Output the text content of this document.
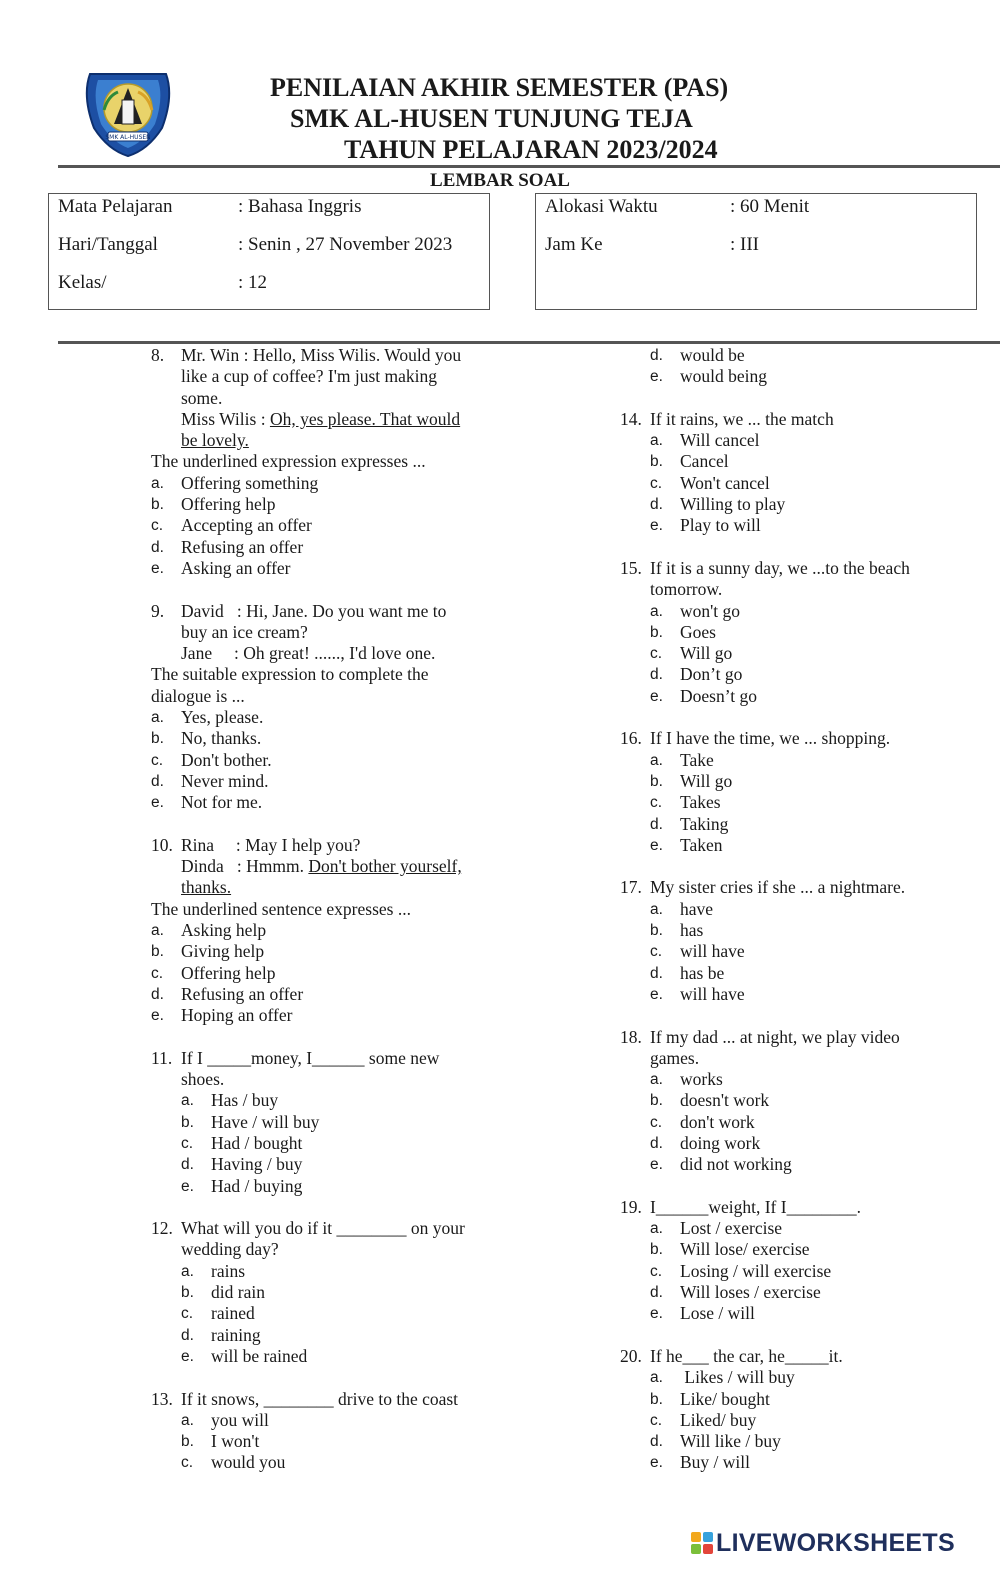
SMK AL-HUSEN
PENILAIAN AKHIR SEMESTER (PAS)
SMK AL-HUSEN TUNJUNG TEJA
TAHUN PELAJARAN 2023/2024
LEMBAR SOAL
Mata Pelajaran	: Bahasa Inggris
Hari/Tanggal	: Senin , 27 November 2023
Kelas/	: 12
Alokasi Waktu	: 60 Menit
Jam Ke	: III
8. Mr. Win : Hello, Miss Wilis. Would you like a cup of coffee? I'm just making some.

Miss Wilis : Oh, yes please. That would be lovely.

The underlined expression expresses ...
a. Offering something
b. Offering help
c.	Accepting an offer
d. Refusing an offer
e. Asking an offer
9. David   : Hi, Jane. Do you want me to buy an ice cream?

Jane     : Oh great! ......, I'd love one.

The suitable expression to complete the dialogue is ...
a. Yes, please.
b. No, thanks.
c.	Don't bother.
d. Never mind.
e. Not for me.
10. Rina     : May I help you?

Dinda   : Hmmm. Don't bother yourself, thanks.

The underlined sentence expresses ...
a. Asking help
b. Giving help
c.	Offering help
d. Refusing an offer
e. Hoping an offer
11. If I _____money, I______ some new shoes.
a. Has / buy
b. Have / will buy
c.	Had / bought
d. Having / buy
e. Had / buying
12. What will you do if it ________ on your wedding day?
a. rains
b. did rain
c.	rained
d. raining
e. will be rained
13. If it snows, ________ drive to the coast
a. you will
b. I won't
c.	would you
d. would be
e. would being
14. If it rains, we ... the match
a. Will cancel
b. Cancel
c.	Won't cancel
d. Willing to play
e. Play to will
15. If it is a sunny day, we ...to the beach tomorrow.
a. won't go
b. Goes
c.	Will go
d. Don’t go
e. Doesn’t go
16. If I have the time, we ... shopping.
a. Take
b. Will go
c.	Takes
d. Taking
e. Taken
17. My sister cries if she ... a nightmare.
a. have
b. has
c.	will have
d. has be
e. will have
18. If my dad ... at night, we play video games.
a. works
b. doesn't work
c.	don't work
d. doing work
e. did not working
19. I______weight, If I________.
a. Lost / exercise
b. Will lose/ exercise
c.	Losing / will exercise
d. Will loses / exercise
e. Lose / will
20. If he___ the car, he_____it.
a. Likes / will buy
b. Like/ bought
c.	Liked/ buy
d. Will like / buy
e. Buy / will
LIVEWORKSHEETS
